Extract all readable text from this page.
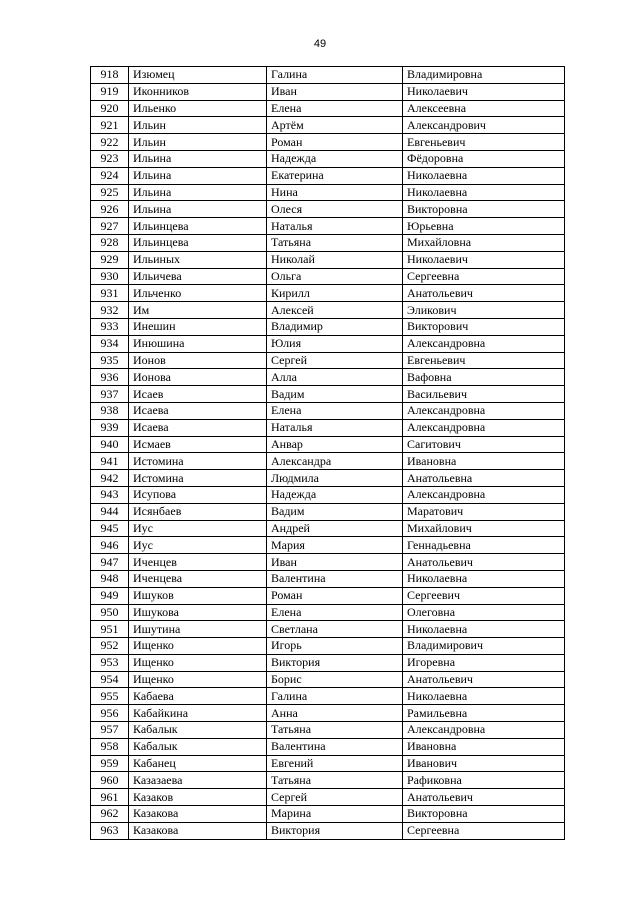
49
918	Изюмец	Галина	Владимировна
919	Иконников	Иван	Николаевич
920	Ильенко	Елена	Алексеевна
921	Ильин	Артём	Александрович
922	Ильин	Роман	Евгеньевич
923	Ильина	Надежда	Фёдоровна
924	Ильина	Екатерина	Николаевна
925	Ильина	Нина	Николаевна
926	Ильина	Олеся	Викторовна
927	Ильинцева	Наталья	Юрьевна
928	Ильинцева	Татьяна	Михайловна
929	Ильиных	Николай	Николаевич
930	Ильичева	Ольга	Сергеевна
931	Ильченко	Кирилл	Анатольевич
932	Им	Алексей	Эликович
933	Инешин	Владимир	Викторович
934	Инюшина	Юлия	Александровна
935	Ионов	Сергей	Евгеньевич
936	Ионова	Алла	Вафовна
937	Исаев	Вадим	Васильевич
938	Исаева	Елена	Александровна
939	Исаева	Наталья	Александровна
940	Исмаев	Анвар	Сагитович
941	Истомина	Александра	Ивановна
942	Истомина	Людмила	Анатольевна
943	Исупова	Надежда	Александровна
944	Исянбаев	Вадим	Маратович
945	Иус	Андрей	Михайлович
946	Иус	Мария	Геннадьевна
947	Иченцев	Иван	Анатольевич
948	Иченцева	Валентина	Николаевна
949	Ишуков	Роман	Сергеевич
950	Ишукова	Елена	Олеговна
951	Ишутина	Светлана	Николаевна
952	Ищенко	Игорь	Владимирович
953	Ищенко	Виктория	Игоревна
954	Ищенко	Борис	Анатольевич
955	Кабаева	Галина	Николаевна
956	Кабайкина	Анна	Рамильевна
957	Кабалык	Татьяна	Александровна
958	Кабалык	Валентина	Ивановна
959	Кабанец	Евгений	Иванович
960	Казазаева	Татьяна	Рафиковна
961	Казаков	Сергей	Анатольевич
962	Казакова	Марина	Викторовна
963	Казакова	Виктория	Сергеевна
